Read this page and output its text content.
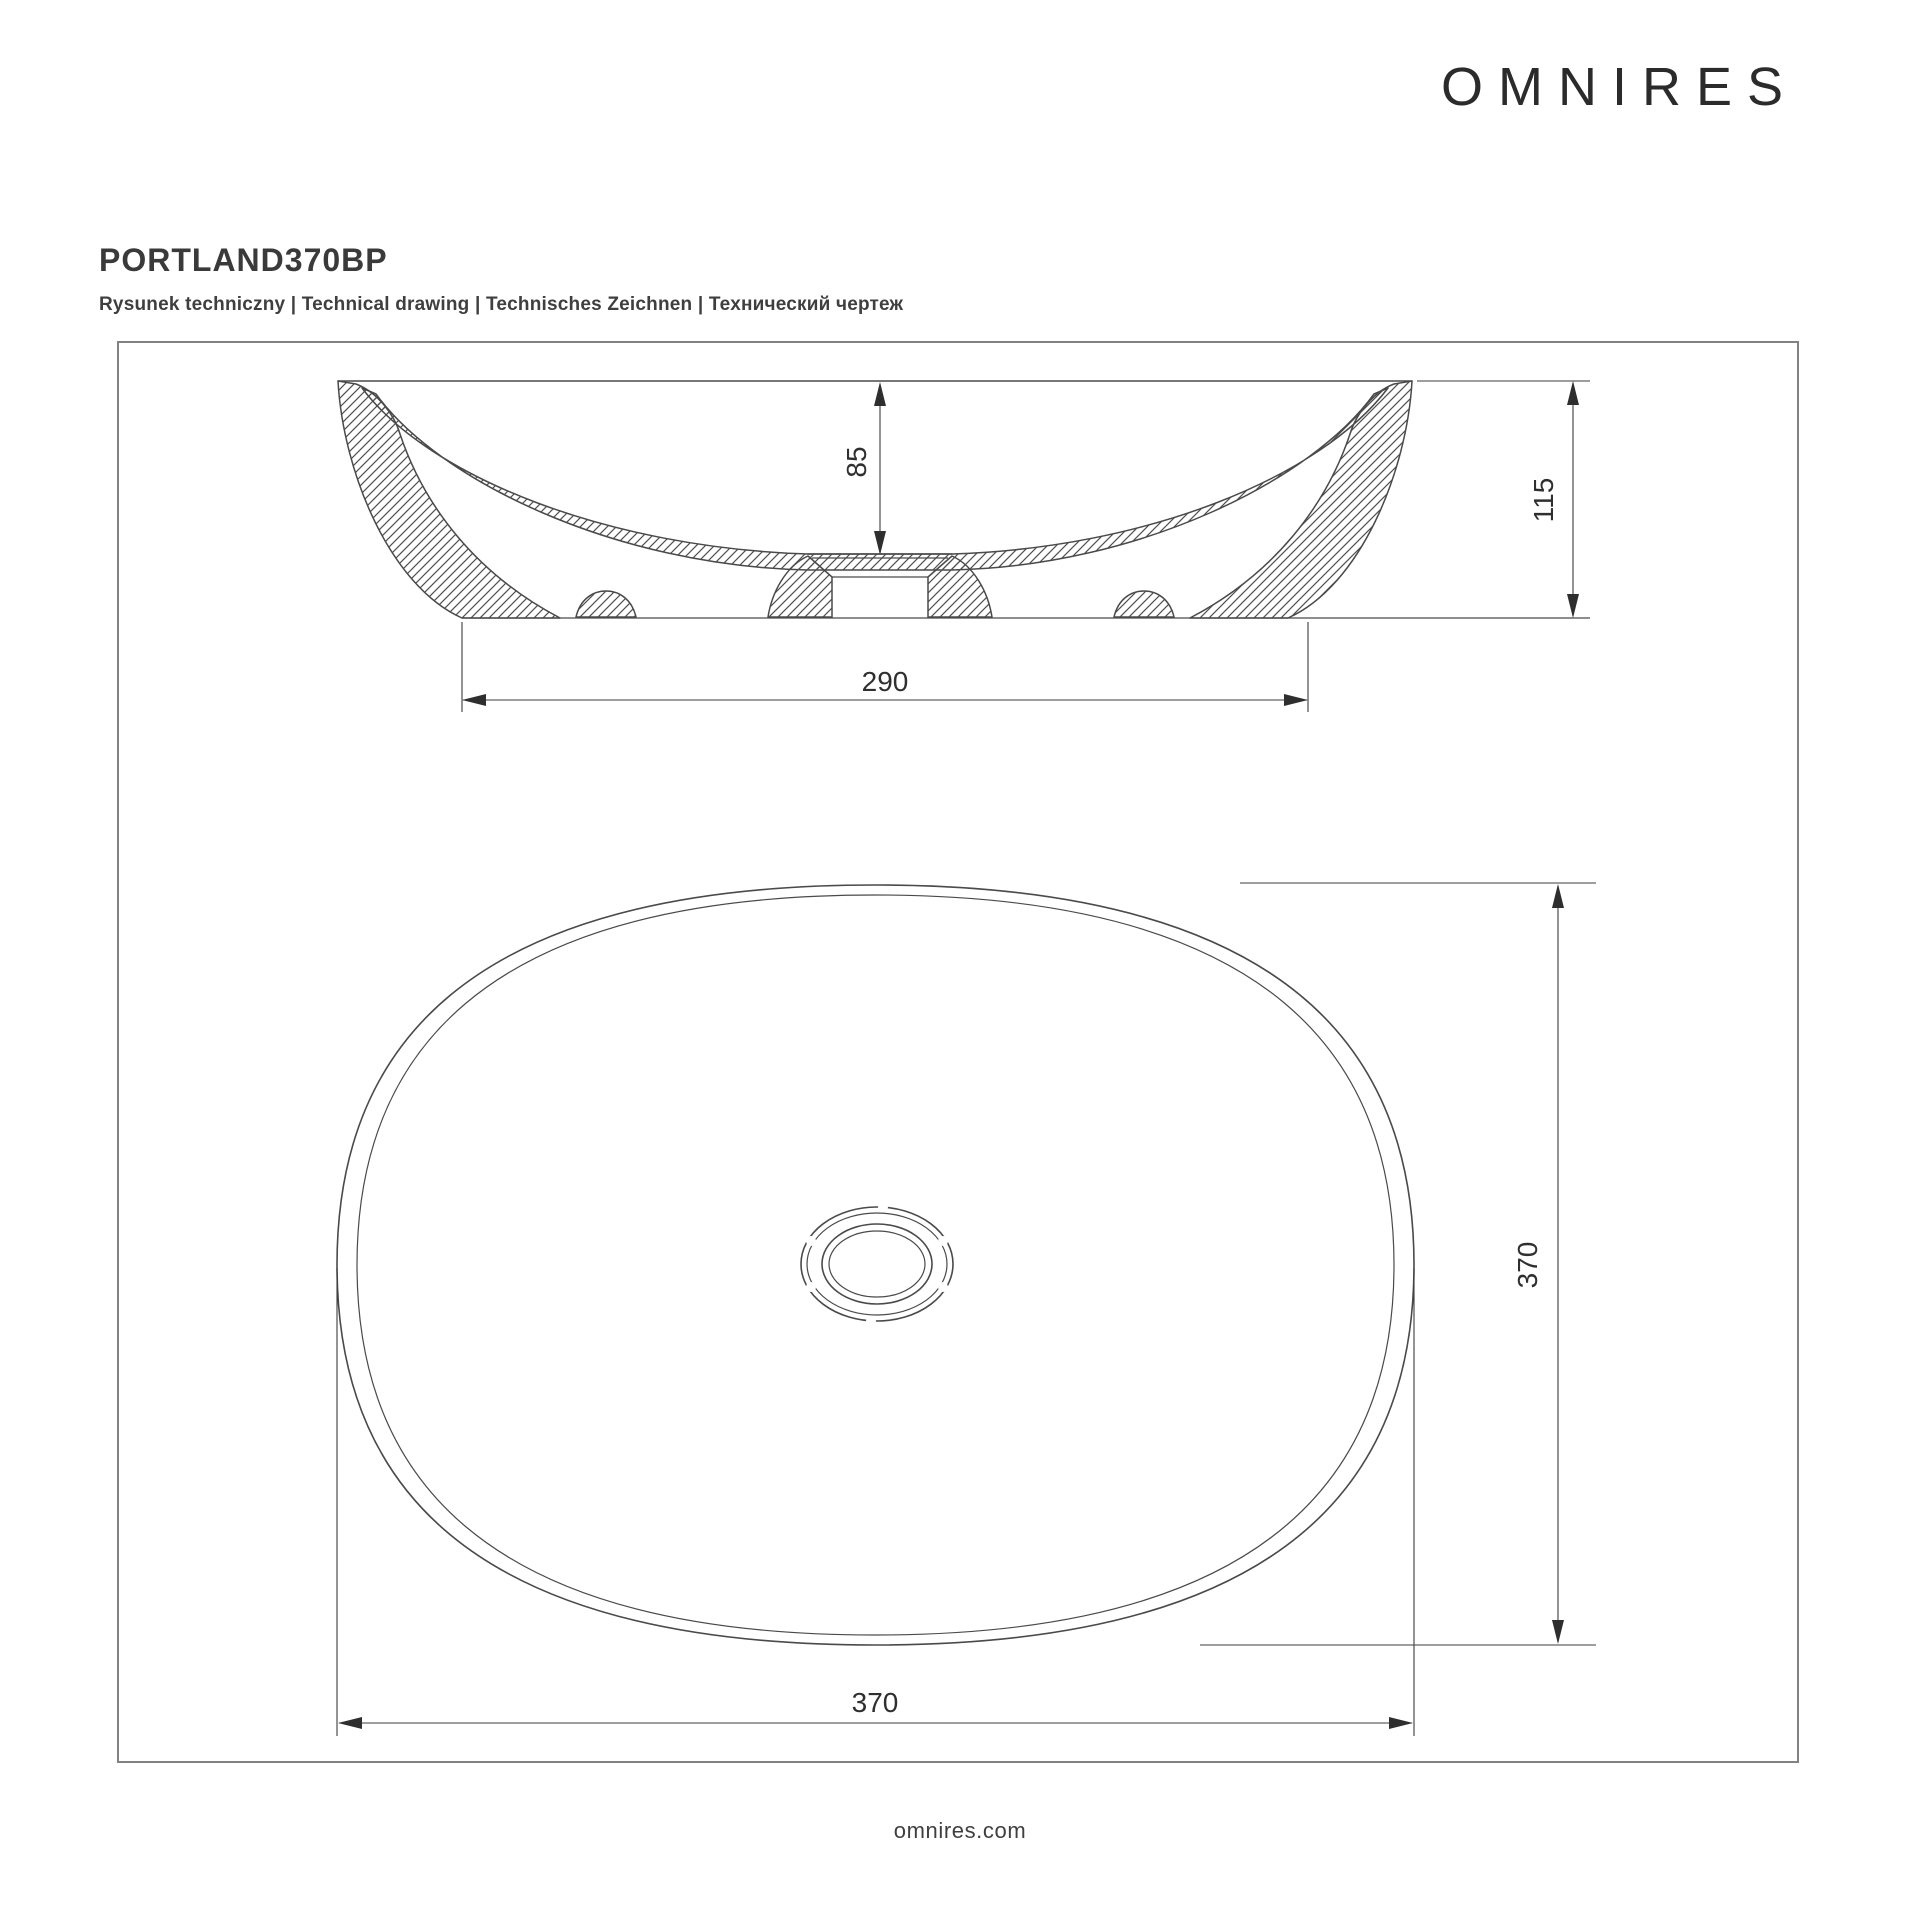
OMNIRES
PORTLAND370BP
Rysunek techniczny | Technical drawing | Technisches Zeichnen | Технический чертеж
85
115
290
370
370
omnires.com
